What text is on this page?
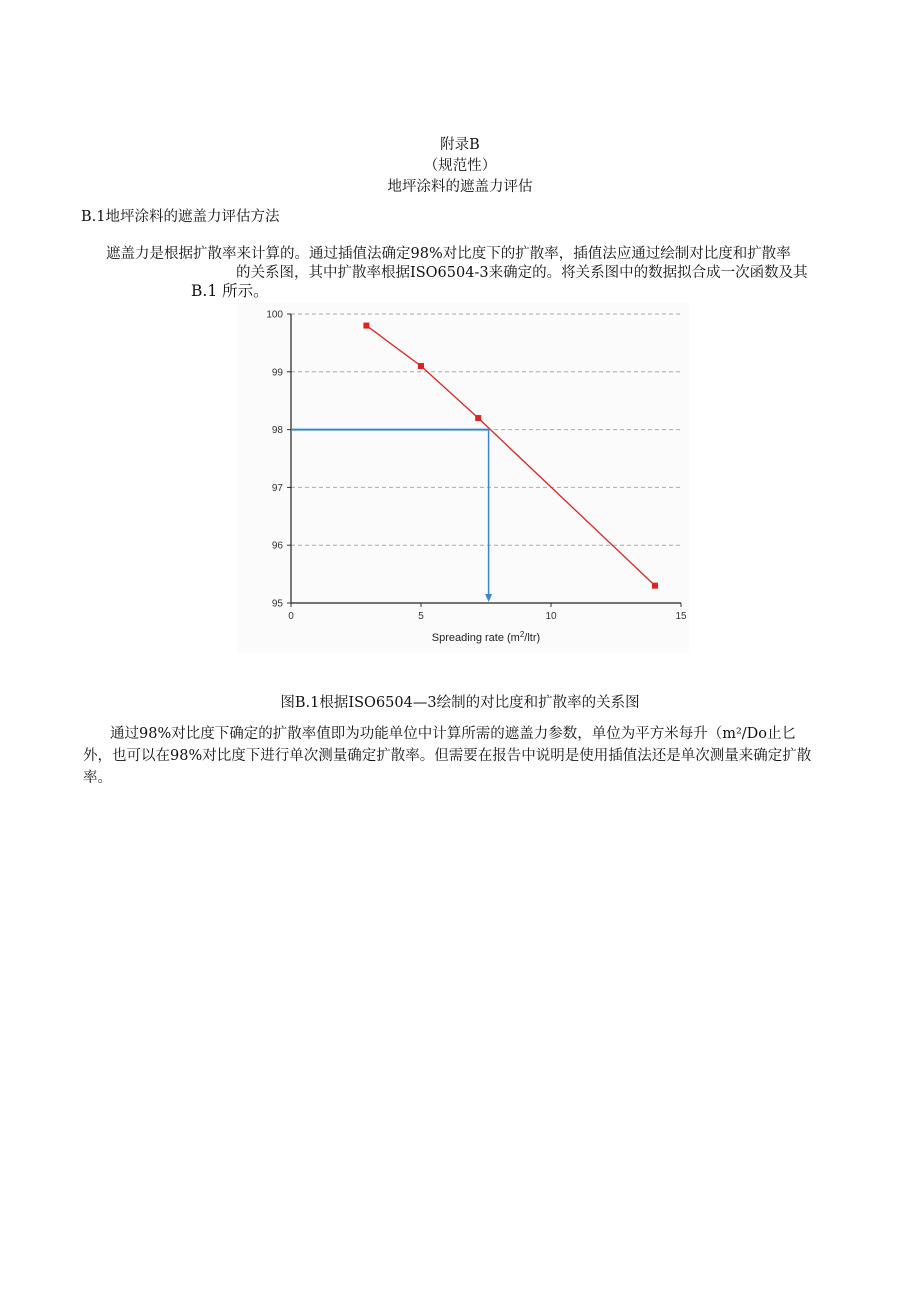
附录B
（规范性）
地坪涂料的遮盖力评估
B.1地坪涂料的遮盖力评估方法
遮盖力是根据扩散率来计算的。通过插值法确定98%对比度下的扩散率，插值法应通过绘制对比度和扩散率
的关系图，其中扩散率根据ISO6504-3来确定的。将关系图中的数据拟合成一次函数及其
B.1 所示。
95
96
97
98
99
100
0	5	10	15
Spreading rate $(m^2/ltr)$
图B.1根据ISO6504—3绘制的对比度和扩散率的关系图
通过98%对比度下确定的扩散率值即为功能单位中计算所需的遮盖力参数，单位为平方米每升（m²/Do止匕
外，也可以在98%对比度下进行单次测量确定扩散率。但需要在报告中说明是使用插值法还是单次测量来确定扩散
率。
